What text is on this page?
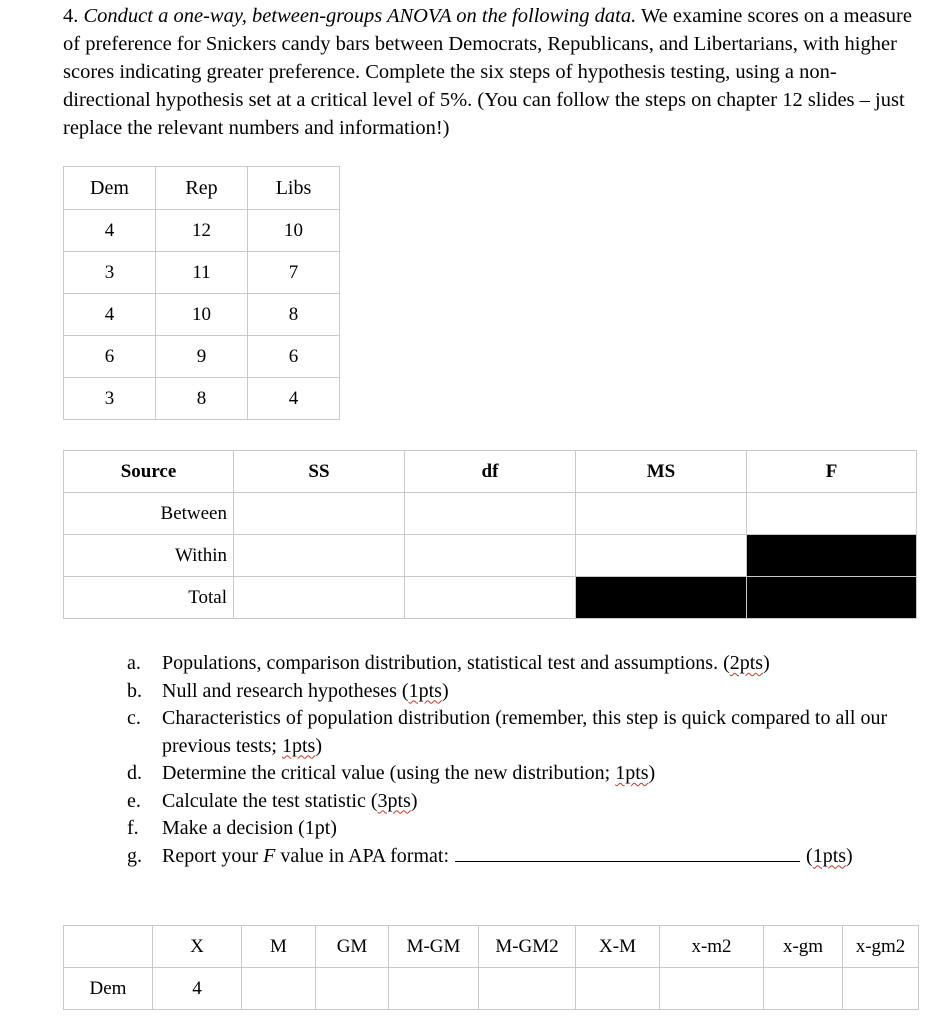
4. Conduct a one-way, between-groups ANOVA on the following data. We examine scores on a measure of preference for Snickers candy bars between Democrats, Republicans, and Libertarians, with higher scores indicating greater preference. Complete the six steps of hypothesis testing, using a non-directional hypothesis set at a critical level of 5%. (You can follow the steps on chapter 12 slides – just replace the relevant numbers and information!)
Dem	Rep	Libs
4	12	10
3	11	7
4	10	8
6	9	6
3	8	4
Source	SS	df	MS	F
Between				
Within				
Total				
a.	Populations, comparison distribution, statistical test and assumptions. (2pts)
b.	Null and research hypotheses (1pts)
c.	Characteristics of population distribution (remember, this step is quick compared to all our previous tests; 1pts)
d.	Determine the critical value (using the new distribution; 1pts)
e.	Calculate the test statistic (3pts)
f.	Make a decision (1pt)
g.	Report your F value in APA format:	(1pts)
	X	M	GM	M-GM	M-GM2	X-M	x-m2	x-gm	x-gm2
Dem	4								
